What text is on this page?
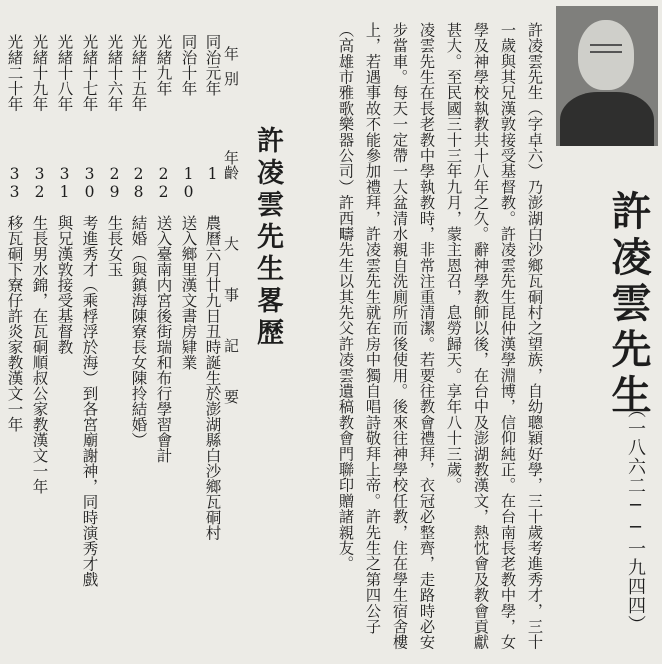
許凌雲先生
（一八六二──一九四四）

許凌雲先生（字卓六）乃澎湖白沙鄉瓦硐村之望族，自幼聰穎好學，三十歲考進秀才，三十一歲與其兄漢敦接受基督教。許凌雲先生昆仲漢學淵博，信仰純正。在台南長老教中學，女學及神學校執教共十八年之久。辭神學教師以後，在台中及澎湖教漢文，熱忱會及教會貢獻甚大。至民國三十三年九月，蒙主恩召，息勞歸天。享年八十三歲。

凌雲先生在長老教中學執教時，非常注重清潔。若要往教會禮拜，衣冠必整齊，走路時必安步當車。每天一定帶一大盆清水親自洗廁所而後使用。後來往神學校任教，住在學生宿舍樓上，若遇事故不能參加禮拜，許凌雲先生就在房中獨自唱詩敬拜上帝。許先生之第四公子（高雄市雅歌樂器公司）許西疇先生以其先父許凌雲遺稿教會門聯印贈諸親友。

許凌雲先生畧歷
年別
年齡
大事記要
同治元年
1
農曆六月廿九日丑時誕生於澎湖縣白沙鄉瓦硐村
同治十年
10
送入鄉里漢文書房肄業
光緒九年
22
送入臺南内宮後街瑞和布行學習會計
光緒十五年
28
結婚（與鎮海陳寮長女陳拎結婚）
光緒十六年
29
生長女玉
光緒十七年
30
考進秀才（乘桴浮於海）到各宮廟謝神，同時演秀才戲
光緒十八年
31
與兄漢敦接受基督教
光緒十九年
32
生長男水錦，在瓦硐順叔公家教漢文一年
光緒二十年
33
移瓦硐下寮仔許炎家教漢文一年
